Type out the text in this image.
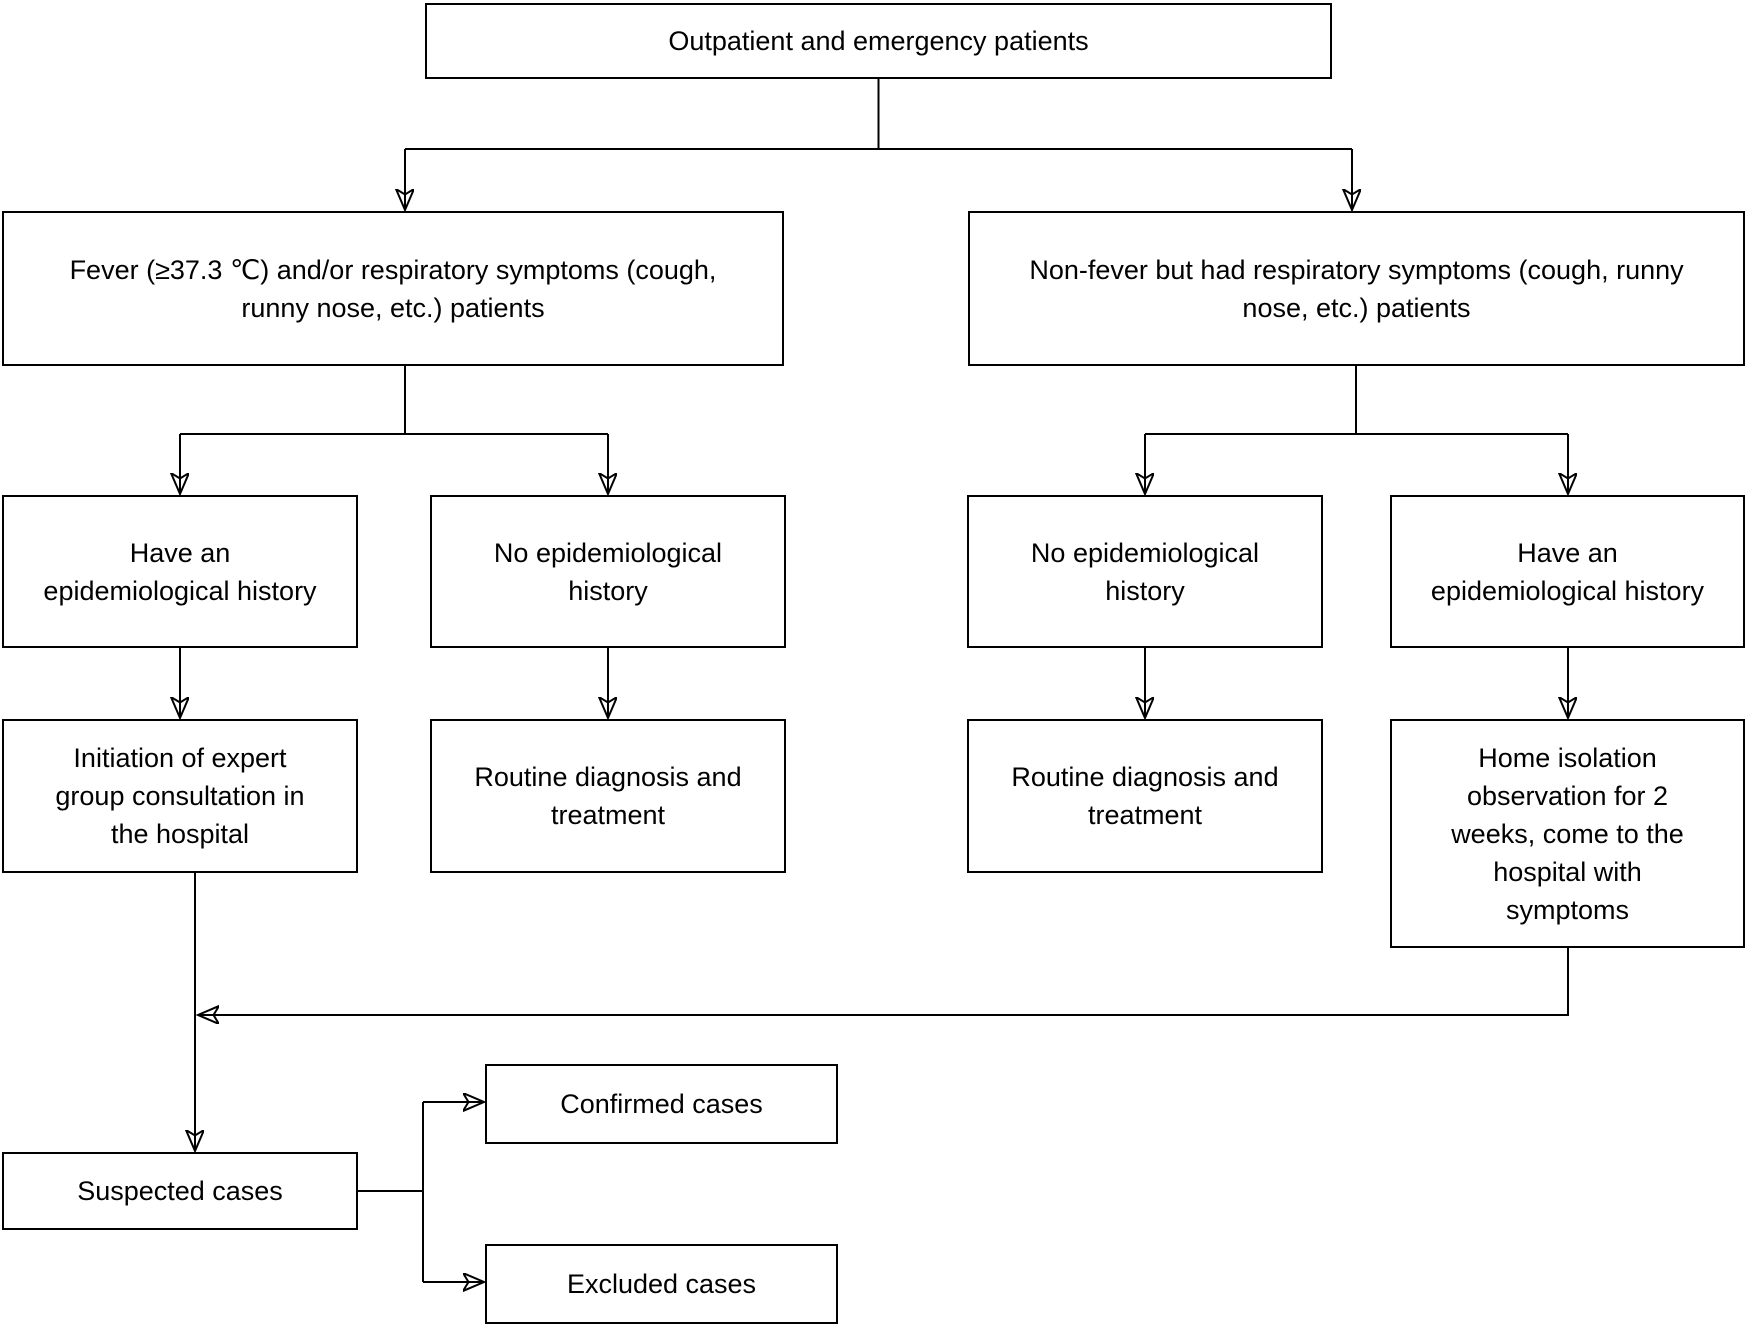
Outpatient and emergency patients
Fever (≥37.3 ℃) and/or respiratory symptoms (cough, runny nose, etc.) patients
Non-fever but had respiratory symptoms (cough, runny nose, etc.) patients
Have an epidemiological history
No epidemiological history
No epidemiological history
Have an epidemiological history
Initiation of expert group consultation in the hospital
Routine diagnosis and treatment
Routine diagnosis and treatment
Home isolation observation for 2 weeks, come to the hospital with symptoms
Suspected cases
Confirmed cases
Excluded cases
